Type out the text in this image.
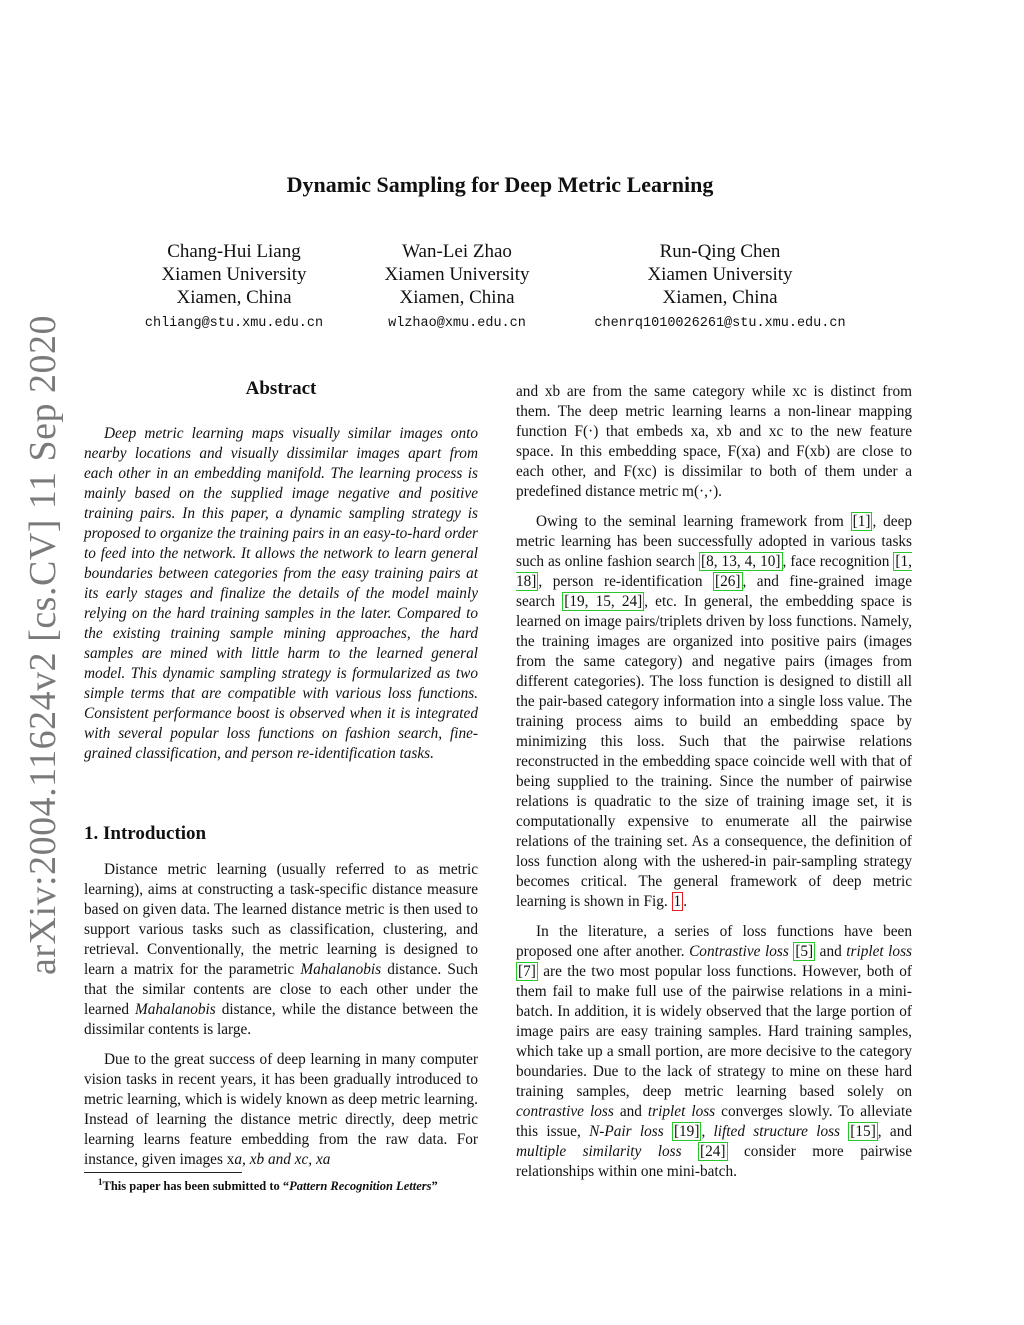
arXiv:2004.11624v2 [cs.CV] 11 Sep 2020
Dynamic Sampling for Deep Metric Learning
Chang-Hui Liang
Xiamen University
Xiamen, China
chliang@stu.xmu.edu.cn
Wan-Lei Zhao
Xiamen University
Xiamen, China
wlzhao@xmu.edu.cn
Run-Qing Chen
Xiamen University
Xiamen, China
chenrq1010026261@stu.xmu.edu.cn
Abstract

Deep metric learning maps visually similar images onto nearby locations and visually dissimilar images apart from each other in an embedding manifold. The learning process is mainly based on the supplied image negative and positive training pairs. In this paper, a dynamic sampling strategy is proposed to organize the training pairs in an easy-to-hard order to feed into the network. It allows the network to learn general boundaries between categories from the easy training pairs at its early stages and finalize the details of the model mainly relying on the hard training samples in the later. Compared to the existing training sample mining approaches, the hard samples are mined with little harm to the learned general model. This dynamic sampling strategy is formularized as two simple terms that are compatible with various loss functions. Consistent performance boost is observed when it is integrated with several popular loss functions on fashion search, fine-grained classification, and person re-identification tasks.

1. Introduction

Distance metric learning (usually referred to as metric learning), aims at constructing a task-specific distance measure based on given data. The learned distance metric is then used to support various tasks such as classification, clustering, and retrieval. Conventionally, the metric learning is designed to learn a matrix for the parametric Mahalanobis distance. Such that the similar contents are close to each other under the learned Mahalanobis distance, while the distance between the dissimilar contents is large.

Due to the great success of deep learning in many computer vision tasks in recent years, it has been gradually introduced to metric learning, which is widely known as deep metric learning. Instead of learning the distance metric directly, deep metric learning learns feature embedding from the raw data. For instance, given images xa, xb and xc, xa

and xb are from the same category while xc is distinct from them. The deep metric learning learns a non-linear mapping function F(·) that embeds xa, xb and xc to the new feature space. In this embedding space, F(xa) and F(xb) are close to each other, and F(xc) is dissimilar to both of them under a predefined distance metric m(·,·).

Owing to the seminal learning framework from [1] , deep metric learning has been successfully adopted in various tasks such as online fashion search [8, 13, 4, 10] , face recognition [1, 18] , person re-identification [26] , and fine-grained image search [19, 15, 24] , etc. In general, the embedding space is learned on image pairs/triplets driven by loss functions. Namely, the training images are organized into positive pairs (images from the same category) and negative pairs (images from different categories). The loss function is designed to distill all the pair-based category information into a single loss value. The training process aims to build an embedding space by minimizing this loss. Such that the pairwise relations reconstructed in the embedding space coincide well with that of being supplied to the training. Since the number of pairwise relations is quadratic to the size of training image set, it is computationally expensive to enumerate all the pairwise relations of the training set. As a consequence, the definition of loss function along with the ushered-in pair-sampling strategy becomes critical. The general framework of deep metric learning is shown in Fig. 1 .

In the literature, a series of loss functions have been proposed one after another. Contrastive loss [5] and triplet loss [7] are the two most popular loss functions. However, both of them fail to make full use of the pairwise relations in a mini-batch. In addition, it is widely observed that the large portion of image pairs are easy training samples. Hard training samples, which take up a small portion, are more decisive to the category boundaries. Due to the lack of strategy to mine on these hard training samples, deep metric learning based solely on contrastive loss and triplet loss converges slowly. To alleviate this issue, N-Pair loss [19] , lifted structure loss [15] , and multiple similarity loss [24] consider more pairwise relationships within one mini-batch.

$^1$This paper has been submitted to “Pattern Recognition Letters”
